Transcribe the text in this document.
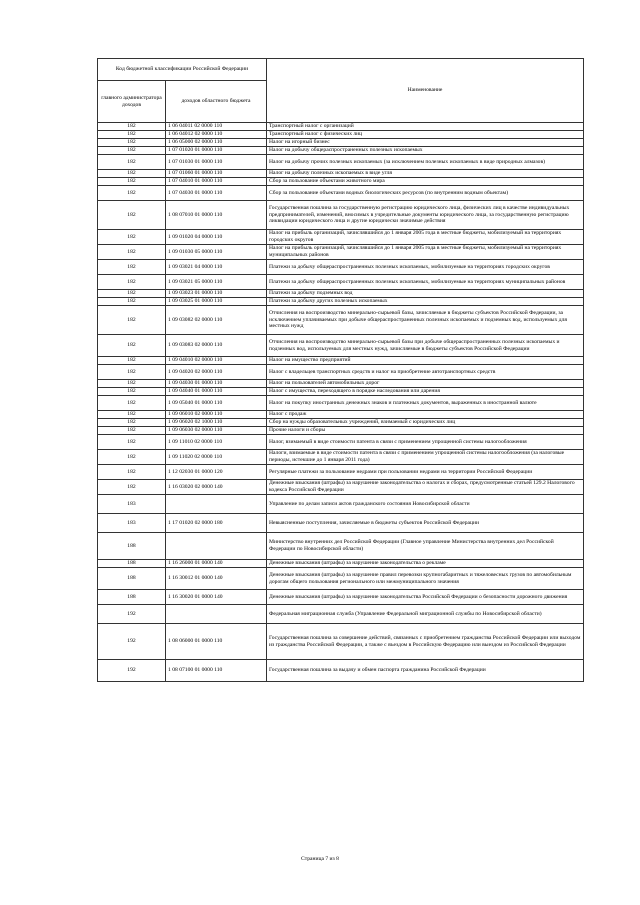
Код бюджетной классификации Российской Федерации		Наименование
главного администратора доходов	доходов областного бюджета	
182	1 06 04011 02 0000 110	Транспортный налог с организаций
182	1 06 04012 02 0000 110	Транспортный налог с физических лиц
182	1 06 05000 02 0000 110	Налог на игорный бизнес
182	1 07 01020 01 0000 110	Налог на добычу общераспространенных полезных ископаемых
182	1 07 01030 01 0000 110	Налог на добычу прочих полезных ископаемых (за исключением полезных ископаемых в виде природных алмазов)
182	1 07 01060 01 0000 110	Налог на добычу полезных ископаемых в виде угля
182	1 07 04010 01 0000 110	Сбор за пользование объектами животного мира
182	1 07 04030 01 0000 110	Сбор за пользование объектами водных биологических ресурсов (по внутренним водным объектам)
182	1 08 07010 01 0000 110	Государственная пошлина за государственную регистрацию юридического лица, физических лиц в качестве индивидуальных предпринимателей, изменений, вносимых в учредительные документы юридического лица, за государственную регистрацию ликвидации юридического лица и другие юридически значимые действия
182	1 09 01020 04 0000 110	Налог на прибыль организаций, зачислявшийся до 1 января 2005 года в местные бюджеты, мобилизуемый на территориях городских округов
182	1 09 01030 05 0000 110	Налог на прибыль организаций, зачислявшийся до 1 января 2005 года в местные бюджеты, мобилизуемый на территориях муниципальных районов
182	1 09 03021 04 0000 110	Платежи за добычу общераспространенных полезных ископаемых, мобилизуемые на территориях городских округов
182	1 09 03021 05 0000 110	Платежи за добычу общераспространенных полезных ископаемых, мобилизуемые на территориях муниципальных районов
182	1 09 03023 01 0000 110	Платежи за добычу подземных вод
182	1 09 03025 01 0000 110	Платежи за добычу других полезных ископаемых
182	1 09 03082 02 0000 110	Отчисления на воспроизводство минерально-сырьевой базы, зачисляемые в бюджеты субъектов Российской Федерации, за исключением уплачиваемых при добыче общераспространенных полезных ископаемых и подземных вод, используемых для местных нужд
182	1 09 03083 02 0000 110	Отчисления на воспроизводство минерально-сырьевой базы при добыче общераспространенных полезных ископаемых и подземных вод, используемых для местных нужд, зачисляемые в бюджеты субъектов Российской Федерации
182	1 09 04010 02 0000 110	Налог на имущество предприятий
182	1 09 04020 02 0000 110	Налог с владельцев транспортных средств и налог на приобретение автотранспортных средств
182	1 09 04030 01 0000 110	Налог на пользователей автомобильных дорог
182	1 09 04040 01 0000 110	Налог с имущества, переходящего в порядке наследования или дарения
182	1 09 05040 01 0000 110	Налог на покупку иностранных денежных знаков и платежных документов, выраженных в иностранной валюте
182	1 09 06010 02 0000 110	Налог с продаж
182	1 09 06020 02 1000 110	Сбор на нужды образовательных учреждений, взимаемый с юридических лиц
182	1 09 06030 02 0000 110	Прочие налоги и сборы
182	1 09 11010 02 0000 110	Налог, взимаемый в виде стоимости патента в связи с применением упрощенной системы налогообложения
182	1 09 11020 02 0000 110	Налоги, взимаемые в виде стоимости патента в связи с применением упрощенной системы налогообложения (за налоговые периоды, истекшие до 1 января 2011 года)
182	1 12 02030 01 0000 120	Регулярные платежи за пользование недрами при пользовании недрами на территории Российской Федерации
182	1 16 03020 02 0000 140	Денежные взыскания (штрафы) за нарушение законодательства о налогах и сборах, предусмотренные статьей 129.2 Налогового кодекса Российской Федерации
183		Управление по делам записи актов гражданского состояния Новосибирской области
183	1 17 01020 02 0000 180	Невыясненные поступления, зачисляемые в бюджеты субъектов Российской Федерации
188		Министерство внутренних дел Российской Федерации (Главное управление Министерства внутренних дел Российской Федерации по Новосибирской области)
188	1 16 26000 01 0000 140	Денежные взыскания (штрафы) за нарушение законодательства о рекламе
188	1 16 30012 01 0000 140	Денежные взыскания (штрафы) за нарушение правил перевозки крупногабаритных и тяжеловесных грузов по автомобильным дорогам общего пользования регионального или межмуниципального значения
188	1 16 30020 01 0000 140	Денежные взыскания (штрафы) за нарушение законодательства Российской Федерации о безопасности дорожного движения
192		Федеральная миграционная служба (Управление Федеральной миграционной службы по Новосибирской области)
192	1 08 06000 01 0000 110	Государственная пошлина за совершение действий, связанных с приобретением гражданства Российской Федерации или выходом из гражданства Российской Федерации, а также с въездом в Российскую Федерацию или выездом из Российской Федерации
192	1 08 07100 01 0000 110	Государственная пошлина за выдачу и обмен паспорта гражданина Российской Федерации
Страница 7 из 8
